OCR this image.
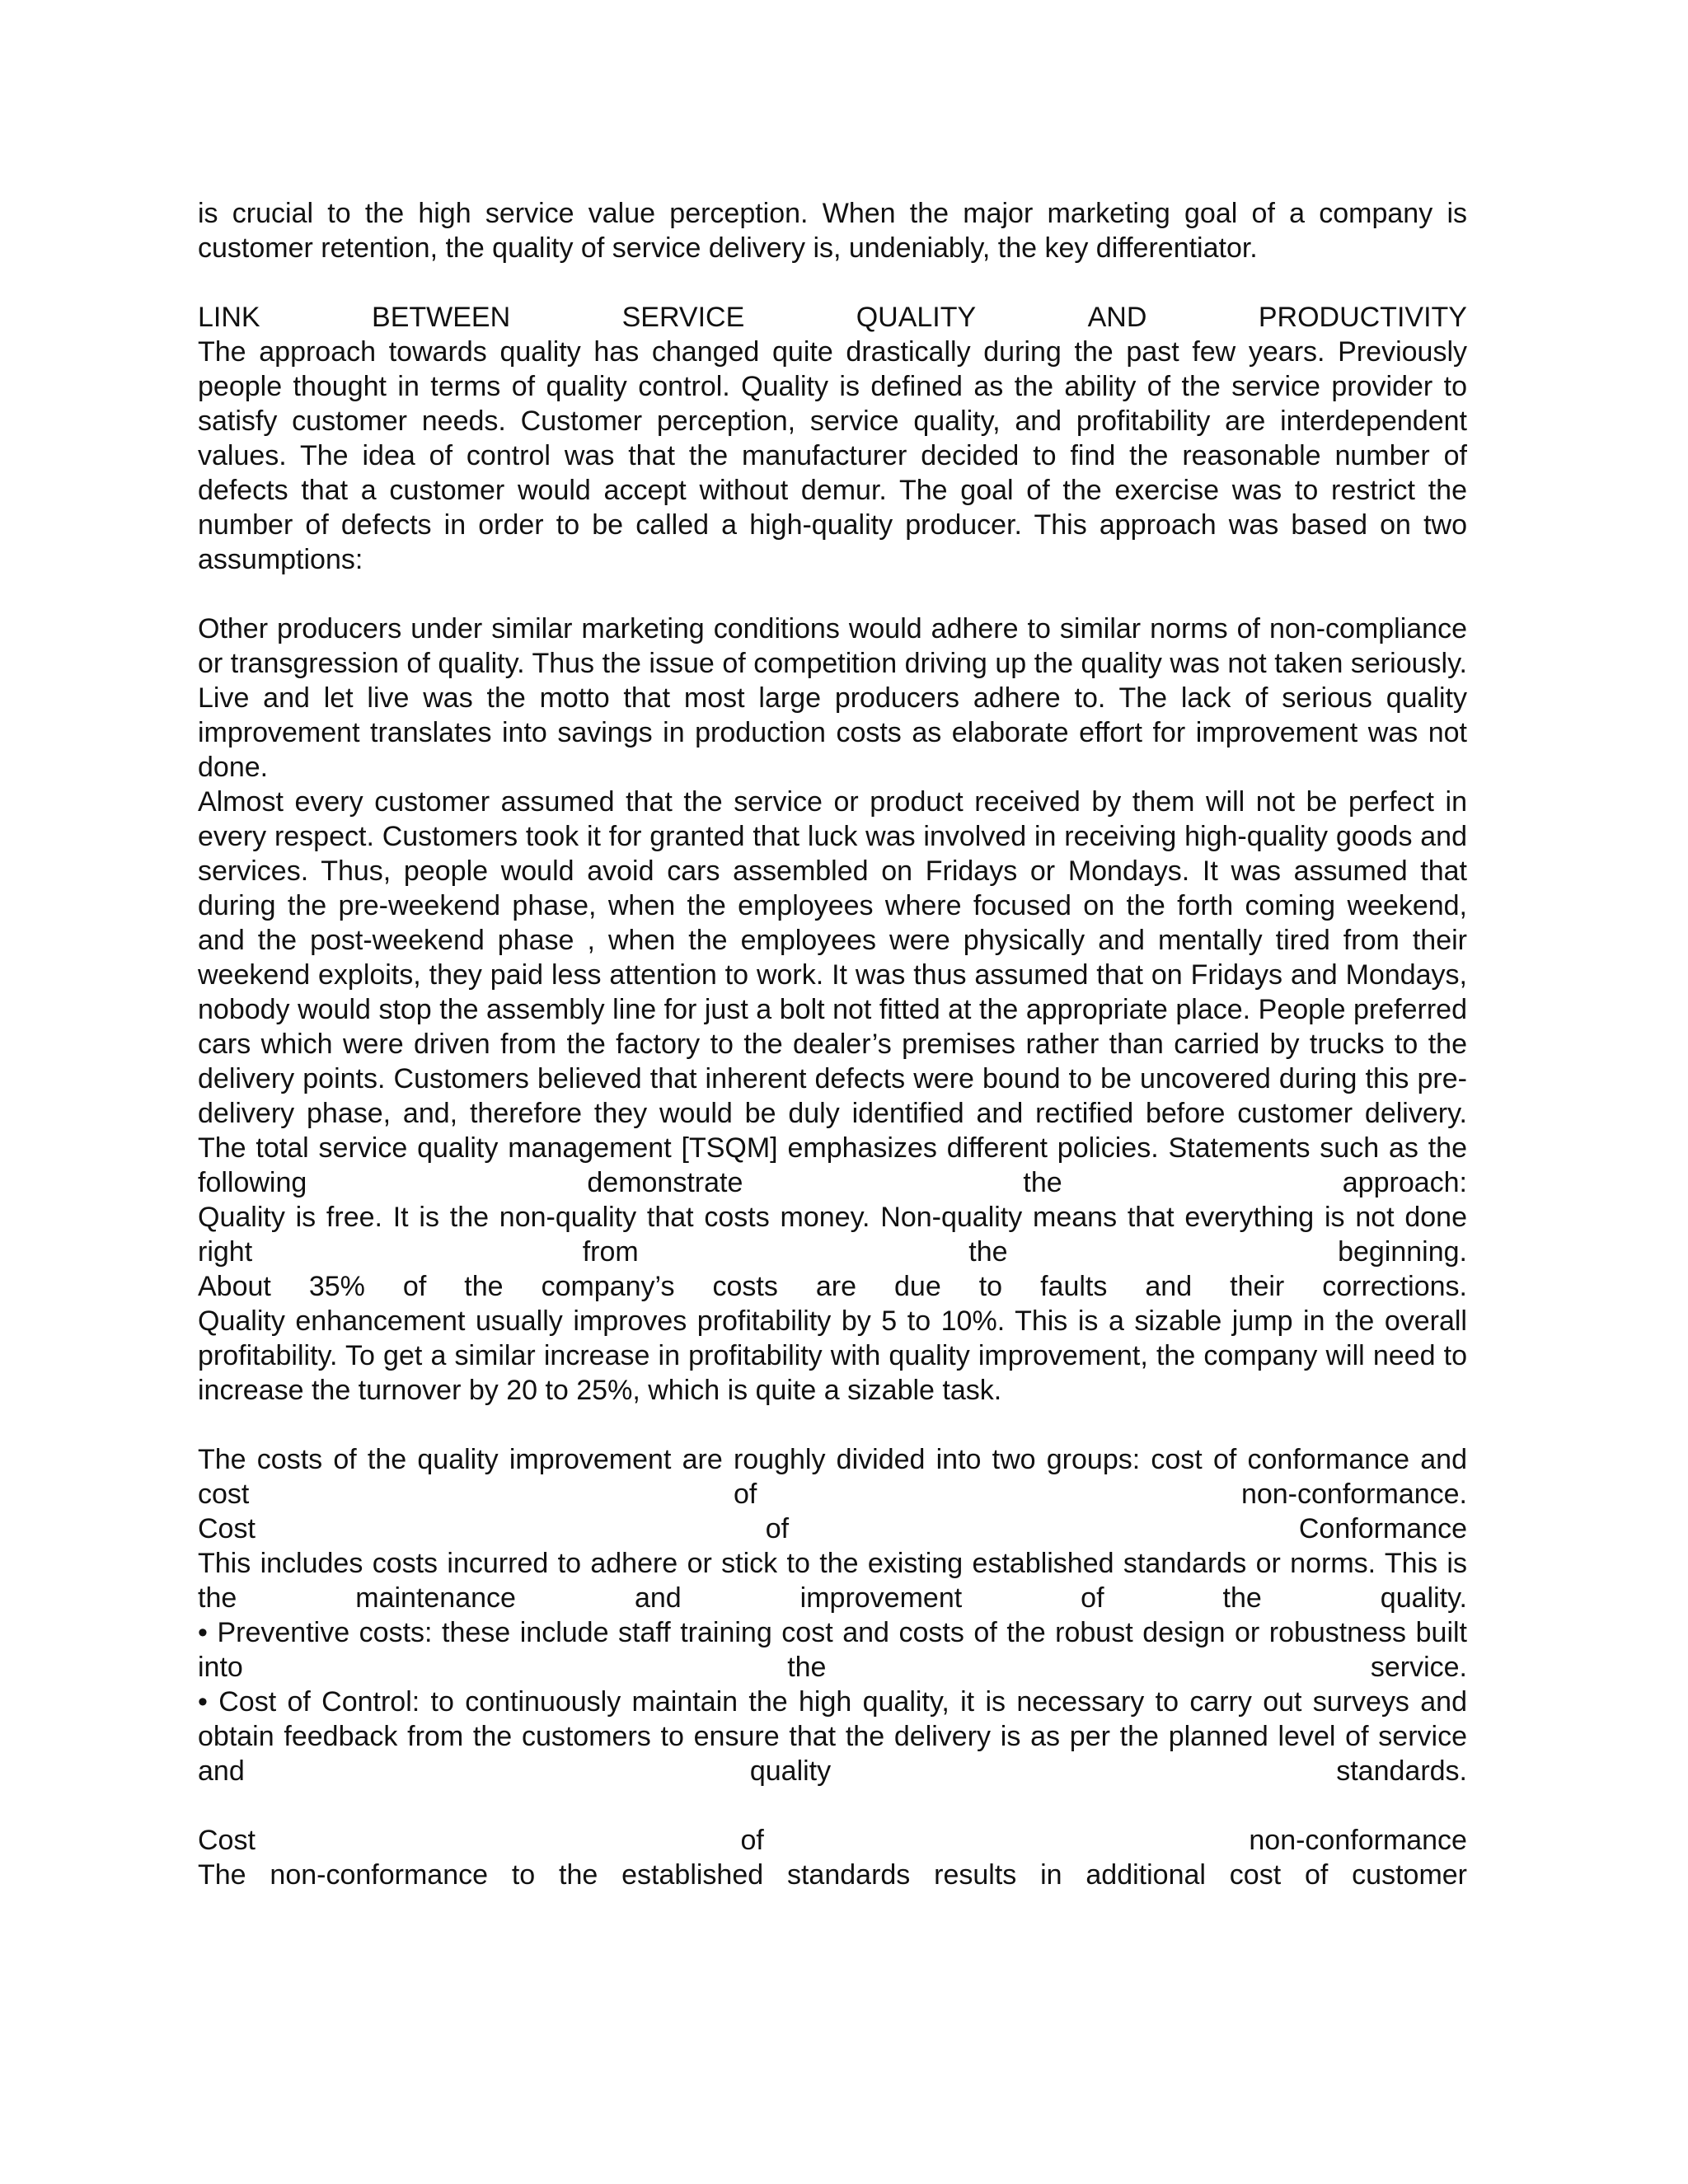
is crucial to the high service value perception. When the major marketing goal of a company is customer retention, the quality of service delivery is, undeniably, the key differentiator.

LINK	BETWEEN	SERVICE	QUALITY	AND	PRODUCTIVITY

The approach towards quality has changed quite drastically during the past few years. Previously people thought in terms of quality control. Quality is defined as the ability of the service provider to satisfy customer needs. Customer perception, service quality, and profitability are interdependent values. The idea of control was that the manufacturer decided to find the reasonable number of defects that a customer would accept without demur. The goal of the exercise was to restrict the number of defects in order to be called a high-quality producer. This approach was based on two assumptions:

Other producers under similar marketing conditions would adhere to similar norms of non-compliance or transgression of quality. Thus the issue of competition driving up the quality was not taken seriously. Live and let live was the motto that most large producers adhere to. The lack of serious quality improvement translates into savings in production costs as elaborate effort for improvement was not done.

Almost every customer assumed that the service or product received by them will not be perfect in every respect. Customers took it for granted that luck was involved in receiving high-quality goods and services. Thus, people would avoid cars assembled on Fridays or Mondays. It was assumed that during the pre-weekend phase, when the employees where focused on the forth coming weekend, and the post-weekend phase , when the employees were physically and mentally tired from their weekend exploits, they paid less attention to work. It was thus assumed that on Fridays and Mondays, nobody would stop the assembly line for just a bolt not fitted at the appropriate place. People preferred cars which were driven from the factory to the dealer’s premises rather than carried by trucks to the delivery points. Customers believed that inherent defects were bound to be uncovered during this pre-delivery phase, and, therefore they would be duly identified and rectified before customer delivery.

The total service quality management [TSQM] emphasizes different policies. Statements such as the following demonstrate the approach:

Quality is free. It is the non-quality that costs money. Non-quality means that everything is not done right from the beginning.

About 35% of the company’s costs are due to faults and their corrections.

Quality enhancement usually improves profitability by 5 to 10%. This is a sizable jump in the overall profitability. To get a similar increase in profitability with quality improvement, the company will need to increase the turnover by 20 to 25%, which is quite a sizable task.

The costs of the quality improvement are roughly divided into two groups: cost of conformance and cost of non-conformance.

Cost	of	Conformance

This includes costs incurred to adhere or stick to the existing established standards or norms. This is the maintenance and improvement of the quality.

• Preventive costs: these include staff training cost and costs of the robust design or robustness built into the service.

• Cost of Control: to continuously maintain the high quality, it is necessary to carry out surveys and obtain feedback from the customers to ensure that the delivery is as per the planned level of service and quality standards.

Cost	of	non-conformance

The non-conformance to the established standards results in additional cost of customer
